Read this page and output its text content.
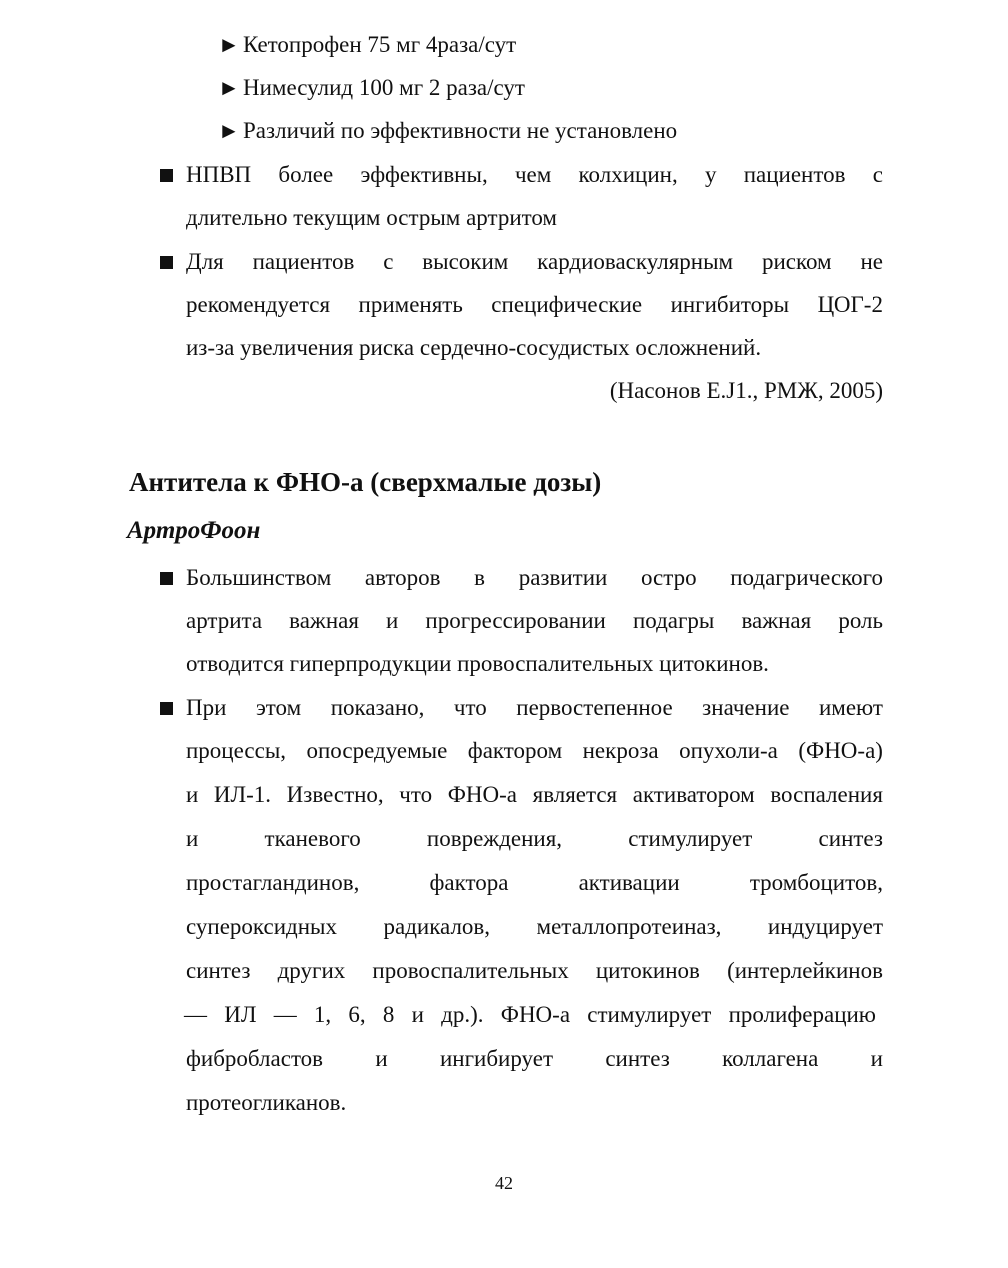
► Кетопрофен 75 мг 4раза/сут
► Нимесулид 100 мг 2 раза/сут
► Различий по эффективности не установлено
НПВП более эффективны, чем колхицин, у пациентов с
длительно текущим острым артритом
Для пациентов с высоким кардиоваскулярным риском не
рекомендуется применять специфические ингибиторы ЦОГ-2
из-за увеличения риска сердечно-сосудистых осложнений.
(Насонов Е.J1., РМЖ, 2005)
Антитела к ФНО-а (сверхмалые дозы)
АртроФоон
Большинством авторов в развитии остро подагрического
артрита важная и прогрессировании подагры важная роль
отводится гиперпродукции провоспалительных цитокинов.
При этом показано, что первостепенное значение имеют
процессы, опосредуемые фактором некроза опухоли-а (ФНО-а)
и ИЛ-1. Известно, что ФНО-а является активатором воспаления
и	тканевого	повреждения,	стимулирует	синтез
простагландинов,	фактора	активации	тромбоцитов,
супероксидных радикалов, металлопротеиназ, индуцирует
синтез других провоспалительных цитокинов (интерлейкинов
— ИЛ — 1, 6, 8 и др.). ФНО-а стимулирует пролиферацию
фибробластов и ингибирует синтез коллагена и
протеогликанов.
42
